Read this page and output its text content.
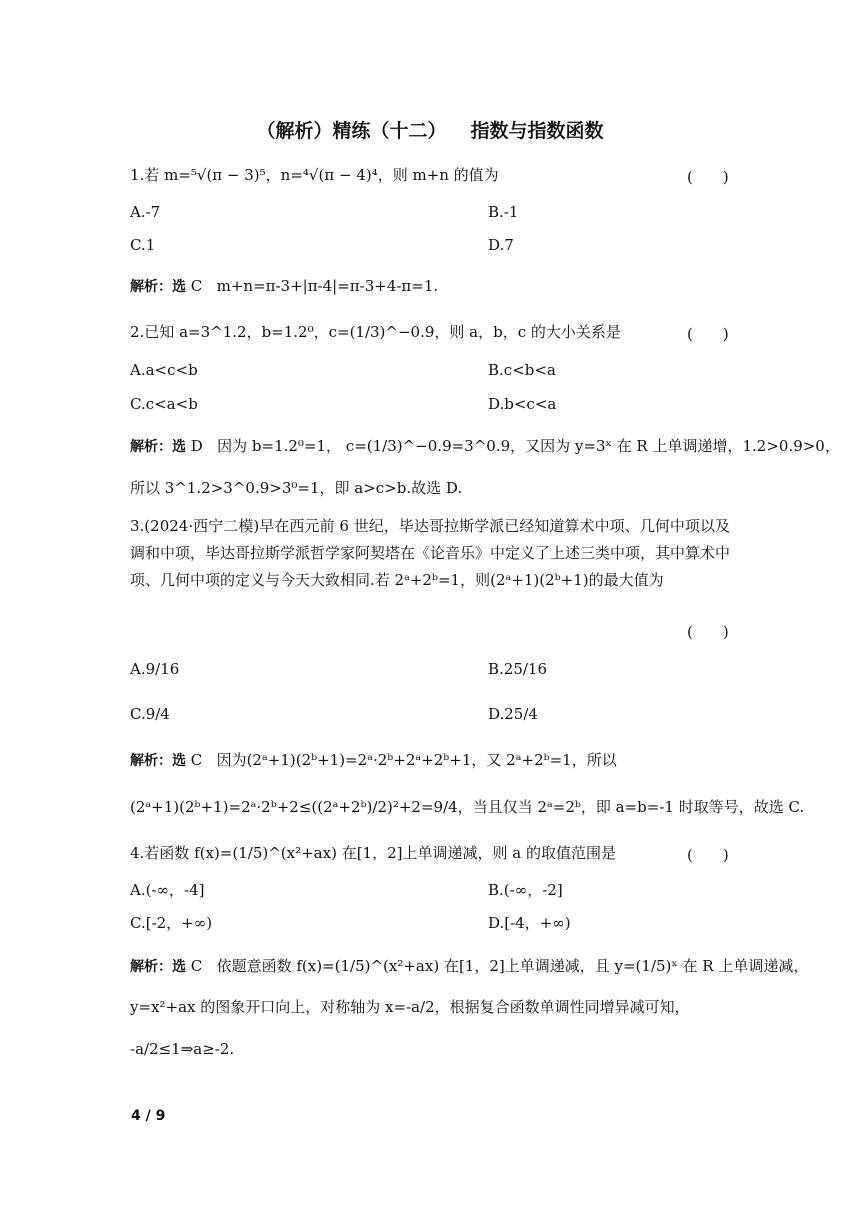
（解析）精练（十二） 指数与指数函数
1.若 m=⁵√(π − 3)⁵，n=⁴√(π − 4)⁴，则 m+n 的值为	(　　)
A.-7	B.-1
C.1	D.7
解析：选 C m+n=π-3+|π-4|=π-3+4-π=1.
2.已知 a=3^1.2，b=1.2⁰，c=(1/3)^−0.9，则 a，b，c 的大小关系是	(　　)
A.a<c<b	B.c<b<a
C.c<a<b	D.b<c<a
解析：选 D 因为 b=1.2⁰=1， c=(1/3)^−0.9=3^0.9，又因为 y=3ˣ 在 R 上单调递增，1.2>0.9>0，
所以 3^1.2>3^0.9>3⁰=1，即 a>c>b.故选 D.
3.(2024·西宁二模)早在西元前 6 世纪，毕达哥拉斯学派已经知道算术中项、几何中项以及调和中项，毕达哥拉斯学派哲学家阿契塔在《论音乐》中定义了上述三类中项，其中算术中项、几何中项的定义与今天大致相同.若 2ᵃ+2ᵇ=1，则(2ᵃ+1)(2ᵇ+1)的最大值为
(　　)
A.9/16	B.25/16
C.9/4	D.25/4
解析：选 C 因为(2ᵃ+1)(2ᵇ+1)=2ᵃ·2ᵇ+2ᵃ+2ᵇ+1，又 2ᵃ+2ᵇ=1，所以
(2ᵃ+1)(2ᵇ+1)=2ᵃ·2ᵇ+2≤((2ᵃ+2ᵇ)/2)²+2=9/4，当且仅当 2ᵃ=2ᵇ，即 a=b=-1 时取等号，故选 C.
4.若函数 f(x)=(1/5)^(x²+ax) 在[1，2]上单调递减，则 a 的取值范围是	(　　)
A.(-∞，-4]	B.(-∞，-2]
C.[-2，+∞)	D.[-4，+∞)
解析：选 C 依题意函数 f(x)=(1/5)^(x²+ax) 在[1，2]上单调递减，且 y=(1/5)ˣ 在 R 上单调递减，
y=x²+ax 的图象开口向上，对称轴为 x=-a/2，根据复合函数单调性同增异减可知，
-a/2≤1⇒a≥-2.
4 / 9
